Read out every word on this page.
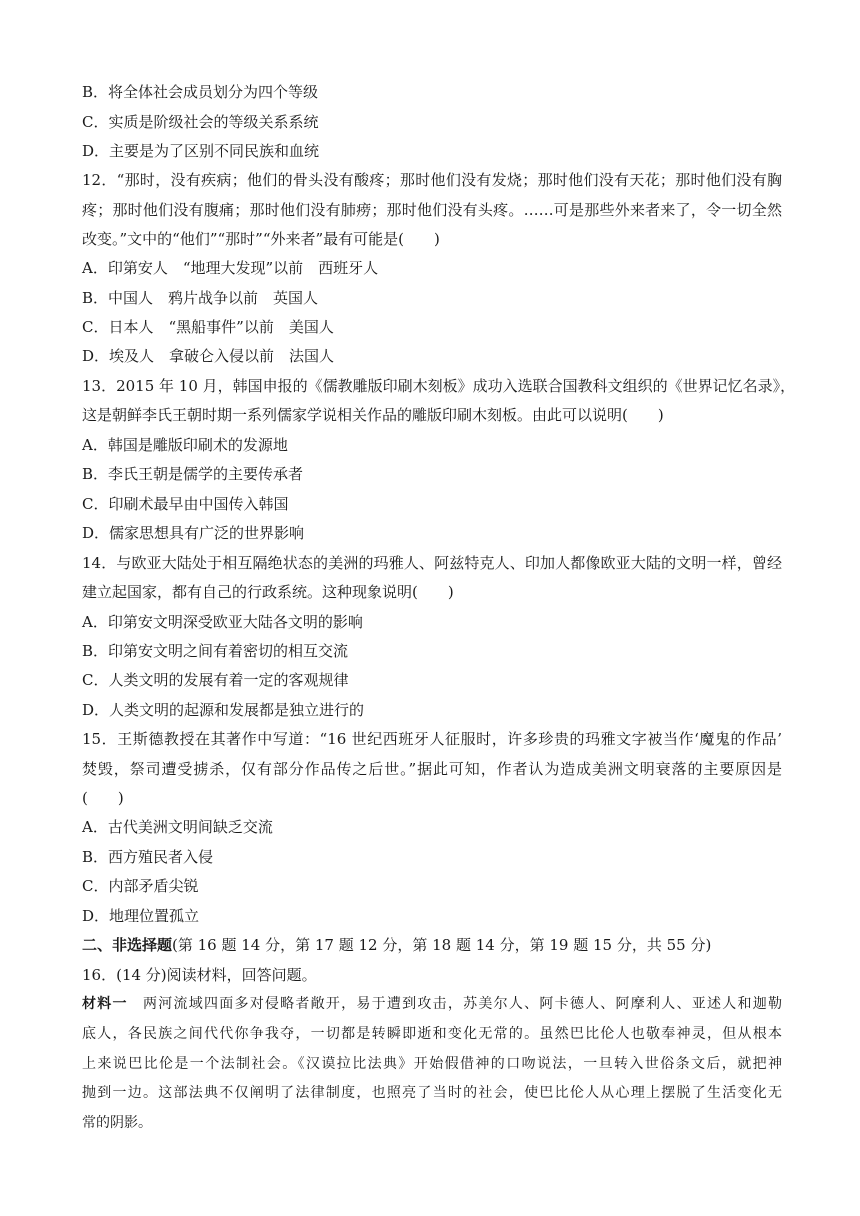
B．将全体社会成员划分为四个等级
C．实质是阶级社会的等级关系系统
D．主要是为了区别不同民族和血统
12．“那时，没有疾病；他们的骨头没有酸疼；那时他们没有发烧；那时他们没有天花；那时他们没有胸
疼；那时他们没有腹痛；那时他们没有肺痨；那时他们没有头疼。……可是那些外来者来了，令一切全然
改变。”文中的“他们”“那时”“外来者”最有可能是(　　)
A．印第安人　“地理大发现”以前　西班牙人
B．中国人　鸦片战争以前　英国人
C．日本人　“黑船事件”以前　美国人
D．埃及人　拿破仑入侵以前　法国人
13．2015 年 10 月，韩国申报的《儒教雕版印刷木刻板》成功入选联合国教科文组织的《世界记忆名录》，
这是朝鲜李氏王朝时期一系列儒家学说相关作品的雕版印刷木刻板。由此可以说明(　　)
A．韩国是雕版印刷术的发源地
B．李氏王朝是儒学的主要传承者
C．印刷术最早由中国传入韩国
D．儒家思想具有广泛的世界影响
14．与欧亚大陆处于相互隔绝状态的美洲的玛雅人、阿兹特克人、印加人都像欧亚大陆的文明一样，曾经
建立起国家，都有自己的行政系统。这种现象说明(　　)
A．印第安文明深受欧亚大陆各文明的影响
B．印第安文明之间有着密切的相互交流
C．人类文明的发展有着一定的客观规律
D．人类文明的起源和发展都是独立进行的
15．王斯德教授在其著作中写道：“16 世纪西班牙人征服时，许多珍贵的玛雅文字被当作‘魔鬼的作品’
焚毁，祭司遭受掳杀，仅有部分作品传之后世。”据此可知，作者认为造成美洲文明衰落的主要原因是
(　　)
A．古代美洲文明间缺乏交流
B．西方殖民者入侵
C．内部矛盾尖锐
D．地理位置孤立
二、非选择题(第 16 题 14 分，第 17 题 12 分，第 18 题 14 分，第 19 题 15 分，共 55 分)
16．(14 分)阅读材料，回答问题。
材料一　两河流域四面多对侵略者敞开，易于遭到攻击，苏美尔人、阿卡德人、阿摩利人、亚述人和迦勒
底人，各民族之间代代你争我夺，一切都是转瞬即逝和变化无常的。虽然巴比伦人也敬奉神灵，但从根本
上来说巴比伦是一个法制社会。《汉谟拉比法典》开始假借神的口吻说法，一旦转入世俗条文后，就把神
抛到一边。这部法典不仅阐明了法律制度，也照亮了当时的社会，使巴比伦人从心理上摆脱了生活变化无
常的阴影。
